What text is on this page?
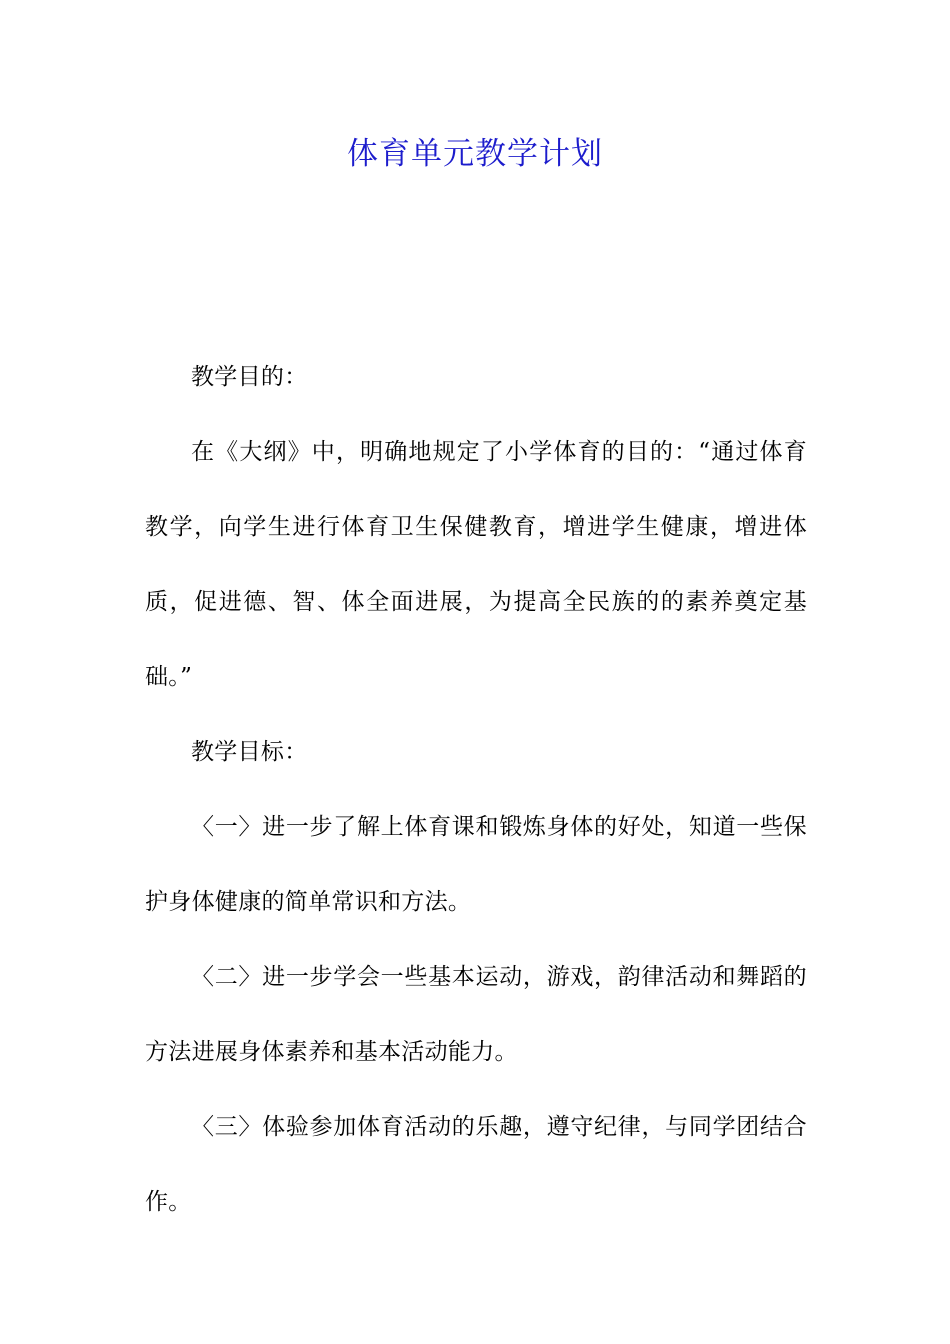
体育单元教学计划

教学目的：

在《大纲》中，明确地规定了小学体育的目的：“通过体育教学，向学生进行体育卫生保健教育，增进学生健康，增进体质，促进德、智、体全面进展，为提高全民族的的素养奠定基础。”

教学目标：

〈一〉进一步了解上体育课和锻炼身体的好处，知道一些保护身体健康的简单常识和方法。

〈二〉进一步学会一些基本运动，游戏，韵律活动和舞蹈的方法进展身体素养和基本活动能力。

〈三〉体验参加体育活动的乐趣，遵守纪律，与同学团结合作。
